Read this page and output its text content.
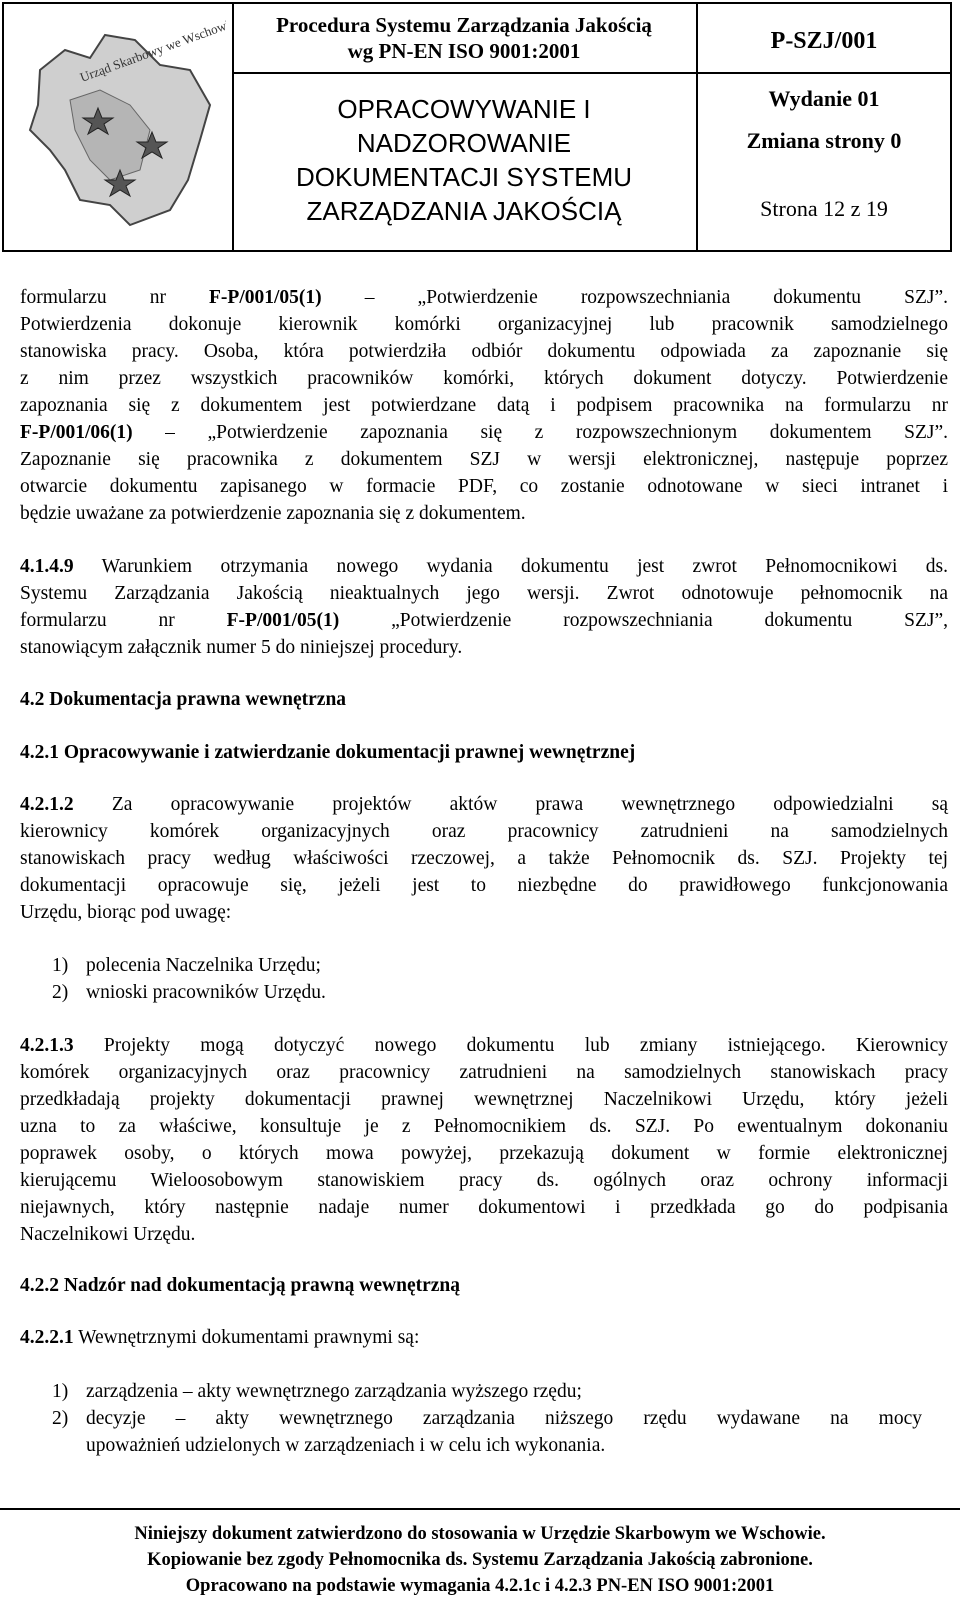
Urząd Skarbowy we Wschowie	Procedura Systemu Zarządzania Jakością
wg PN-EN ISO 9001:2001	P-SZJ/001
OPRACOWYWANIE I
NADZOROWANIE
DOKUMENTACJI SYSTEMU
ZARZĄDZANIA JAKOŚCIĄ
Wydanie 01
Zmiana strony 0
Strona 12 z 19
formularzu nr F-P/001/05(1) – „Potwierdzenie rozpowszechniania dokumentu SZJ”.
Potwierdzenia dokonuje kierownik komórki organizacyjnej lub pracownik samodzielnego
stanowiska pracy. Osoba, która potwierdziła odbiór dokumentu odpowiada za zapoznanie się
z nim przez wszystkich pracowników komórki, których dokument dotyczy. Potwierdzenie
zapoznania się z dokumentem jest potwierdzane datą i podpisem pracownika na formularzu nr
F-P/001/06(1) – „Potwierdzenie zapoznania się z rozpowszechnionym dokumentem SZJ”.
Zapoznanie się pracownika z dokumentem SZJ w wersji elektronicznej, następuje poprzez
otwarcie dokumentu zapisanego w formacie PDF, co zostanie odnotowane w sieci intranet i
będzie uważane za potwierdzenie zapoznania się z dokumentem.
4.1.4.9 Warunkiem otrzymania nowego wydania dokumentu jest zwrot Pełnomocnikowi ds.
Systemu Zarządzania Jakością nieaktualnych jego wersji. Zwrot odnotowuje pełnomocnik na
formularzu nr F-P/001/05(1) „Potwierdzenie rozpowszechniania dokumentu SZJ”,
stanowiącym załącznik numer 5 do niniejszej procedury.
4.2 Dokumentacja prawna wewnętrzna
4.2.1 Opracowywanie i zatwierdzanie dokumentacji prawnej wewnętrznej
4.2.1.2 Za opracowywanie projektów aktów prawa wewnętrznego odpowiedzialni są
kierownicy komórek organizacyjnych oraz pracownicy zatrudnieni na samodzielnych
stanowiskach pracy według właściwości rzeczowej, a także Pełnomocnik ds. SZJ. Projekty tej
dokumentacji opracowuje się, jeżeli jest to niezbędne do prawidłowego funkcjonowania
Urzędu, biorąc pod uwagę:
1) polecenia Naczelnika Urzędu;
2) wnioski pracowników Urzędu.
4.2.1.3 Projekty mogą dotyczyć nowego dokumentu lub zmiany istniejącego. Kierownicy
komórek organizacyjnych oraz pracownicy zatrudnieni na samodzielnych stanowiskach pracy
przedkładają projekty dokumentacji prawnej wewnętrznej Naczelnikowi Urzędu, który jeżeli
uzna to za właściwe, konsultuje je z Pełnomocnikiem ds. SZJ. Po ewentualnym dokonaniu
poprawek osoby, o których mowa powyżej, przekazują dokument w formie elektronicznej
kierującemu Wieloosobowym stanowiskiem pracy ds. ogólnych oraz ochrony informacji
niejawnych, który następnie nadaje numer dokumentowi i przedkłada go do podpisania
Naczelnikowi Urzędu.
4.2.2 Nadzór nad dokumentacją prawną wewnętrzną
4.2.2.1 Wewnętrznymi dokumentami prawnymi są:
1) zarządzenia – akty wewnętrznego zarządzania wyższego rzędu;
2) decyzje – akty wewnętrznego zarządzania niższego rzędu wydawane na mocy
upoważnień udzielonych w zarządzeniach i w celu ich wykonania.
Niniejszy dokument zatwierdzono do stosowania w Urzędzie Skarbowym we Wschowie.
Kopiowanie bez zgody Pełnomocnika ds. Systemu Zarządzania Jakością zabronione.
Opracowano na podstawie wymagania 4.2.1c i 4.2.3 PN-EN ISO 9001:2001
